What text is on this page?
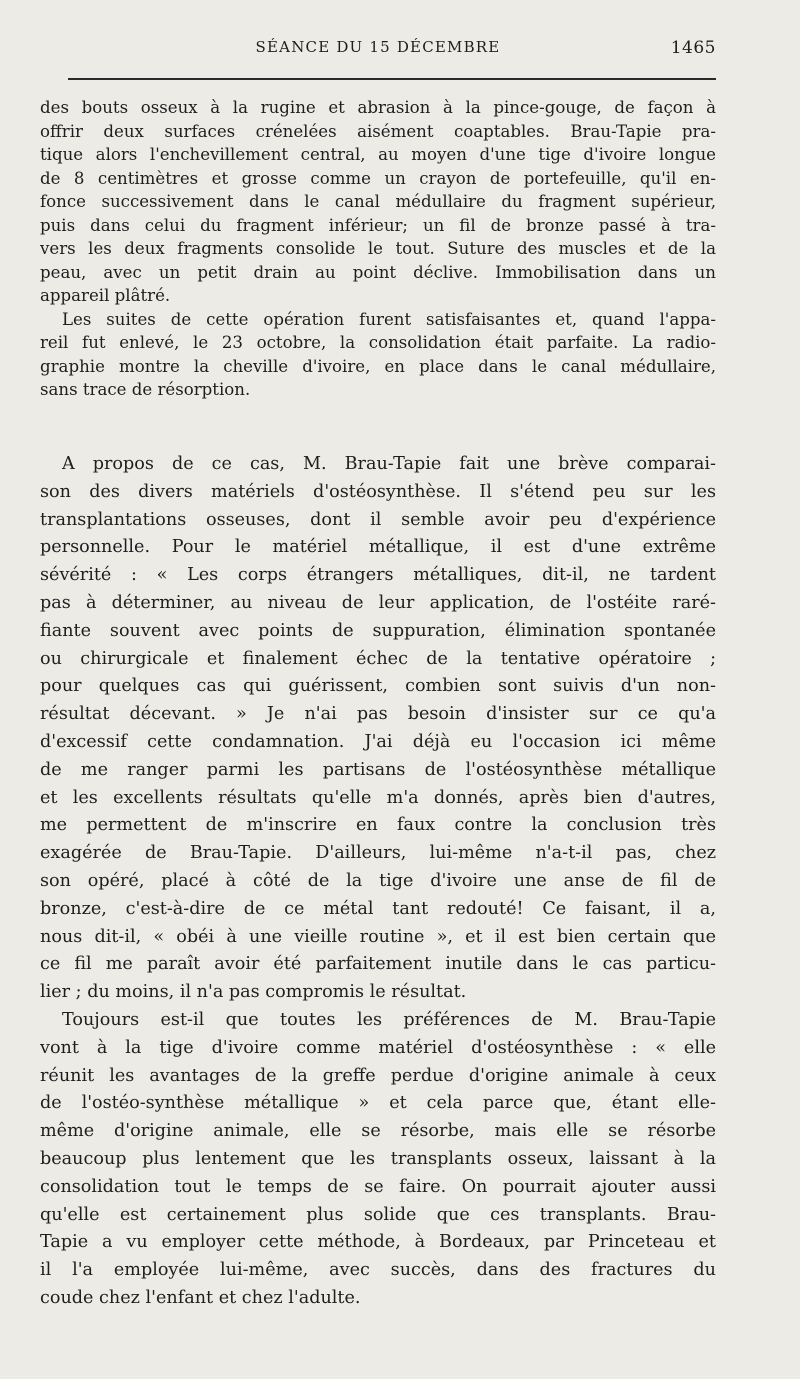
SÉANCE DU 15 DÉCEMBRE	1465
des bouts osseux à la rugine et abrasion à la pince-gouge, de façon à
offrir deux surfaces crénelées aisément coaptables. Brau-Tapie pra-
tique alors l'enchevillement central, au moyen d'une tige d'ivoire longue
de 8 centimètres et grosse comme un crayon de portefeuille, qu'il en-
fonce successivement dans le canal médullaire du fragment supérieur,
puis dans celui du fragment inférieur; un fil de bronze passé à tra-
vers les deux fragments consolide le tout. Suture des muscles et de la
peau, avec un petit drain au point déclive. Immobilisation dans un
appareil plâtré.
Les suites de cette opération furent satisfaisantes et, quand l'appa-
reil fut enlevé, le 23 octobre, la consolidation était parfaite. La radio-
graphie montre la cheville d'ivoire, en place dans le canal médullaire,
sans trace de résorption.
A propos de ce cas, M. Brau-Tapie fait une brève comparai-
son des divers matériels d'ostéosynthèse. Il s'étend peu sur les
transplantations osseuses, dont il semble avoir peu d'expérience
personnelle. Pour le matériel métallique, il est d'une extrême
sévérité : « Les corps étrangers métalliques, dit-il, ne tardent
pas à déterminer, au niveau de leur application, de l'ostéite raré-
fiante souvent avec points de suppuration, élimination spontanée
ou chirurgicale et finalement échec de la tentative opératoire ;
pour quelques cas qui guérissent, combien sont suivis d'un non-
résultat décevant. » Je n'ai pas besoin d'insister sur ce qu'a
d'excessif cette condamnation. J'ai déjà eu l'occasion ici même
de me ranger parmi les partisans de l'ostéosynthèse métallique
et les excellents résultats qu'elle m'a donnés, après bien d'autres,
me permettent de m'inscrire en faux contre la conclusion très
exagérée de Brau-Tapie. D'ailleurs, lui-même n'a-t-il pas, chez
son opéré, placé à côté de la tige d'ivoire une anse de fil de
bronze, c'est-à-dire de ce métal tant redouté! Ce faisant, il a,
nous dit-il, « obéi à une vieille routine », et il est bien certain que
ce fil me paraît avoir été parfaitement inutile dans le cas particu-
lier ; du moins, il n'a pas compromis le résultat.
Toujours est-il que toutes les préférences de M. Brau-Tapie
vont à la tige d'ivoire comme matériel d'ostéosynthèse : « elle
réunit les avantages de la greffe perdue d'origine animale à ceux
de l'ostéo-synthèse métallique » et cela parce que, étant elle-
même d'origine animale, elle se résorbe, mais elle se résorbe
beaucoup plus lentement que les transplants osseux, laissant à la
consolidation tout le temps de se faire. On pourrait ajouter aussi
qu'elle est certainement plus solide que ces transplants. Brau-
Tapie a vu employer cette méthode, à Bordeaux, par Princeteau et
il l'a employée lui-même, avec succès, dans des fractures du
coude chez l'enfant et chez l'adulte.
